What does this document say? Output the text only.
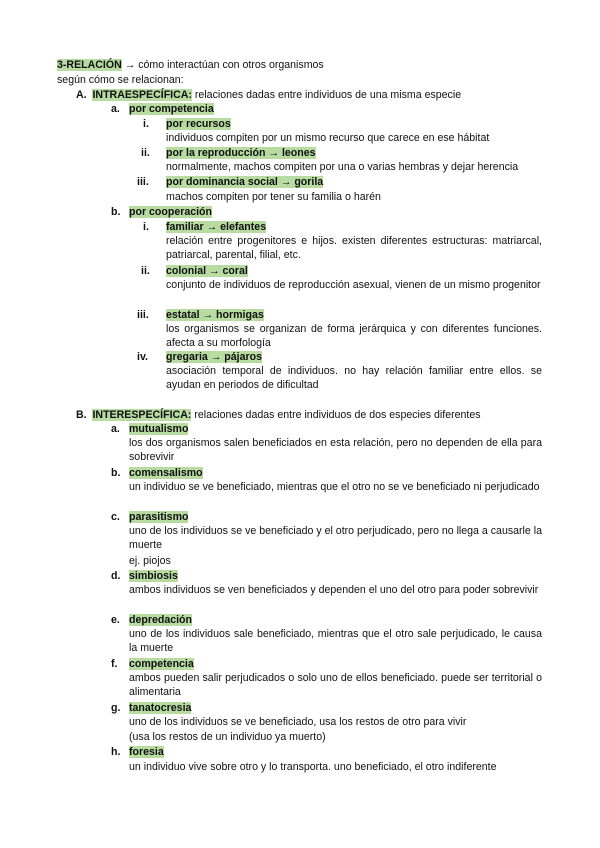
3-RELACIÓN → cómo interactúan con otros organismos
según cómo se relacionan:
A. INTRAESPECÍFICA: relaciones dadas entre individuos de una misma especie
a. por competencia
i. por recursos
individuos compiten por un mismo recurso que carece en ese hábitat
ii. por la reproducción → leones
normalmente, machos compiten por una o varias hembras y dejar herencia
iii. por dominancia social → gorila
machos compiten por tener su familia o harén
b. por cooperación
i. familiar → elefantes
relación entre progenitores e hijos. existen diferentes estructuras: matriarcal, patriarcal, parental, filial, etc.
ii. colonial → coral
conjunto de individuos de reproducción asexual, vienen de un mismo progenitor
iii. estatal → hormigas
los organismos se organizan de forma jerárquica y con diferentes funciones. afecta a su morfología
iv. gregaria → pájaros
asociación temporal de individuos. no hay relación familiar entre ellos. se ayudan en periodos de dificultad
B. INTERESPECÍFICA: relaciones dadas entre individuos de dos especies diferentes
a. mutualismo
los dos organismos salen beneficiados en esta relación, pero no dependen de ella para sobrevivir
b. comensalismo
un individuo se ve beneficiado, mientras que el otro no se ve beneficiado ni perjudicado
c. parasitismo
uno de los individuos se ve beneficiado y el otro perjudicado, pero no llega a causarle la muerte
ej. piojos
d. simbiosis
ambos individuos se ven beneficiados y dependen el uno del otro para poder sobrevivir
e. depredación
uno de los individuos sale beneficiado, mientras que el otro sale perjudicado, le causa la muerte
f. competencia
ambos pueden salir perjudicados o solo uno de ellos beneficiado. puede ser territorial o alimentaria
g. tanatocresia
uno de los individuos se ve beneficiado, usa los restos de otro para vivir
(usa los restos de un individuo ya muerto)
h. foresia
un individuo vive sobre otro y lo transporta. uno beneficiado, el otro indiferente
